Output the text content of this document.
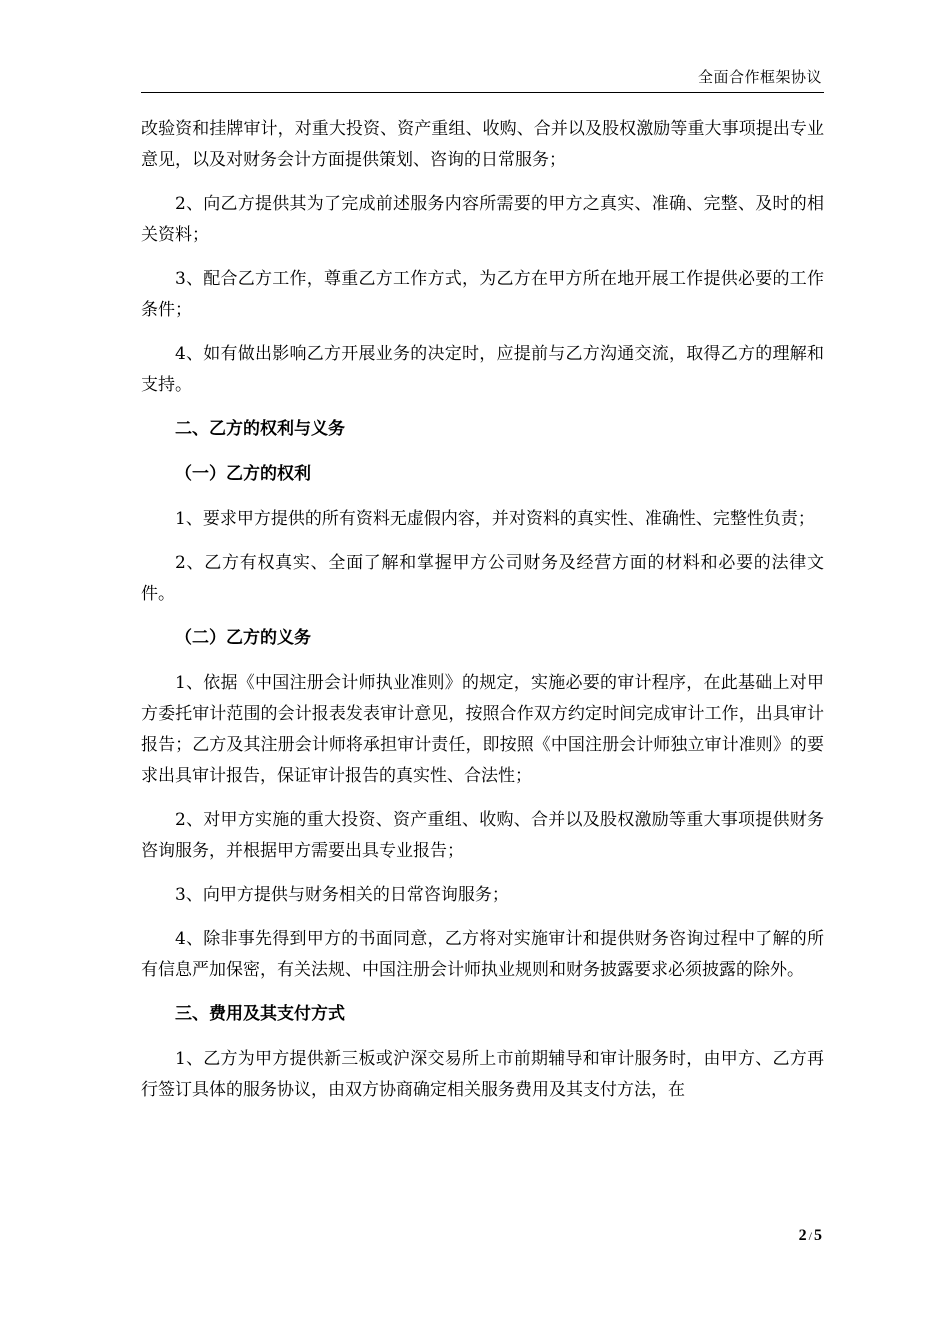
全面合作框架协议

改验资和挂牌审计，对重大投资、资产重组、收购、合并以及股权激励等重大事项提出专业意见，以及对财务会计方面提供策划、咨询的日常服务；

2、向乙方提供其为了完成前述服务内容所需要的甲方之真实、准确、完整、及时的相关资料；

3、配合乙方工作，尊重乙方工作方式，为乙方在甲方所在地开展工作提供必要的工作条件；

4、如有做出影响乙方开展业务的决定时，应提前与乙方沟通交流，取得乙方的理解和支持。

二、乙方的权利与义务

（一）乙方的权利

1、要求甲方提供的所有资料无虚假内容，并对资料的真实性、准确性、完整性负责；

2、乙方有权真实、全面了解和掌握甲方公司财务及经营方面的材料和必要的法律文件。

（二）乙方的义务

1、依据《中国注册会计师执业准则》的规定，实施必要的审计程序，在此基础上对甲方委托审计范围的会计报表发表审计意见，按照合作双方约定时间完成审计工作，出具审计报告；乙方及其注册会计师将承担审计责任，即按照《中国注册会计师独立审计准则》的要求出具审计报告，保证审计报告的真实性、合法性；

2、对甲方实施的重大投资、资产重组、收购、合并以及股权激励等重大事项提供财务咨询服务，并根据甲方需要出具专业报告；

3、向甲方提供与财务相关的日常咨询服务；

4、除非事先得到甲方的书面同意，乙方将对实施审计和提供财务咨询过程中了解的所有信息严加保密，有关法规、中国注册会计师执业规则和财务披露要求必须披露的除外。

三、费用及其支付方式

1、乙方为甲方提供新三板或沪深交易所上市前期辅导和审计服务时，由甲方、乙方再行签订具体的服务协议，由双方协商确定相关服务费用及其支付方法，在

2 / 5
